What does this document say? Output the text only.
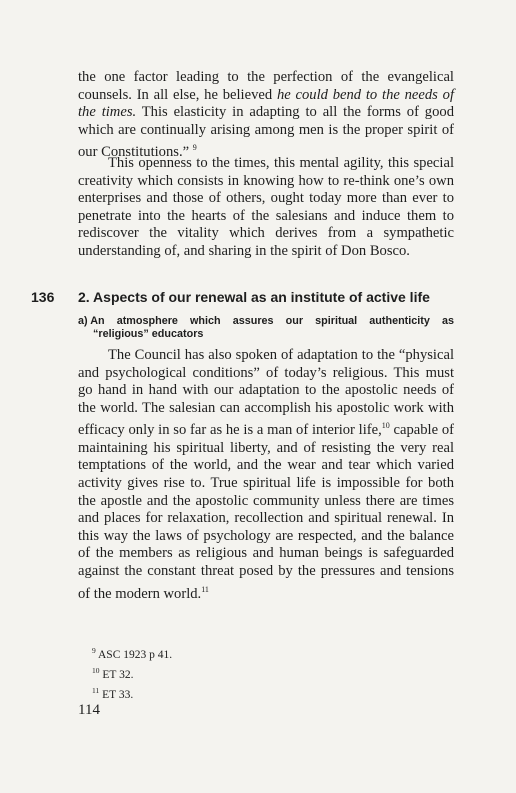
the one factor leading to the perfection of the evangelical counsels. In all else, he believed he could bend to the needs of the times. This elasticity in adapting to all the forms of good which are continually arising among men is the proper spirit of our Constitutions.” $^9$

This openness to the times, this mental agility, this special creativity which consists in knowing how to re-think one’s own enterprises and those of others, ought today more than ever to penetrate into the hearts of the salesians and induce them to rediscover the vitality which derives from a sympathetic understanding of, and sharing in the spirit of Don Bosco.

136 2. Aspects of our renewal as an institute of active life
a) An atmosphere which assures our spiritual authenticity as
“religious” educators

The Council has also spoken of adaptation to the “physical and psychological conditions” of today’s religious. This must go hand in hand with our adaptation to the apostolic needs of the world. The salesian can accomplish his apostolic work with efficacy only in so far as he is a man of interior life,$^{10}$ capable of maintaining his spiritual liberty, and of resisting the very real temptations of the world, and the wear and tear which varied activity gives rise to. True spiritual life is impossible for both the apostle and the apostolic community unless there are times and places for relaxation, recollection and spiritual renewal. In this way the laws of psychology are respected, and the balance of the members as religious and human beings is safeguarded against the constant threat posed by the pressures and tensions of the modern world.$^{11}$

$^9$ ASC 1923 p 41.
$^{10}$ ET 32.
$^{11}$ ET 33.
114
